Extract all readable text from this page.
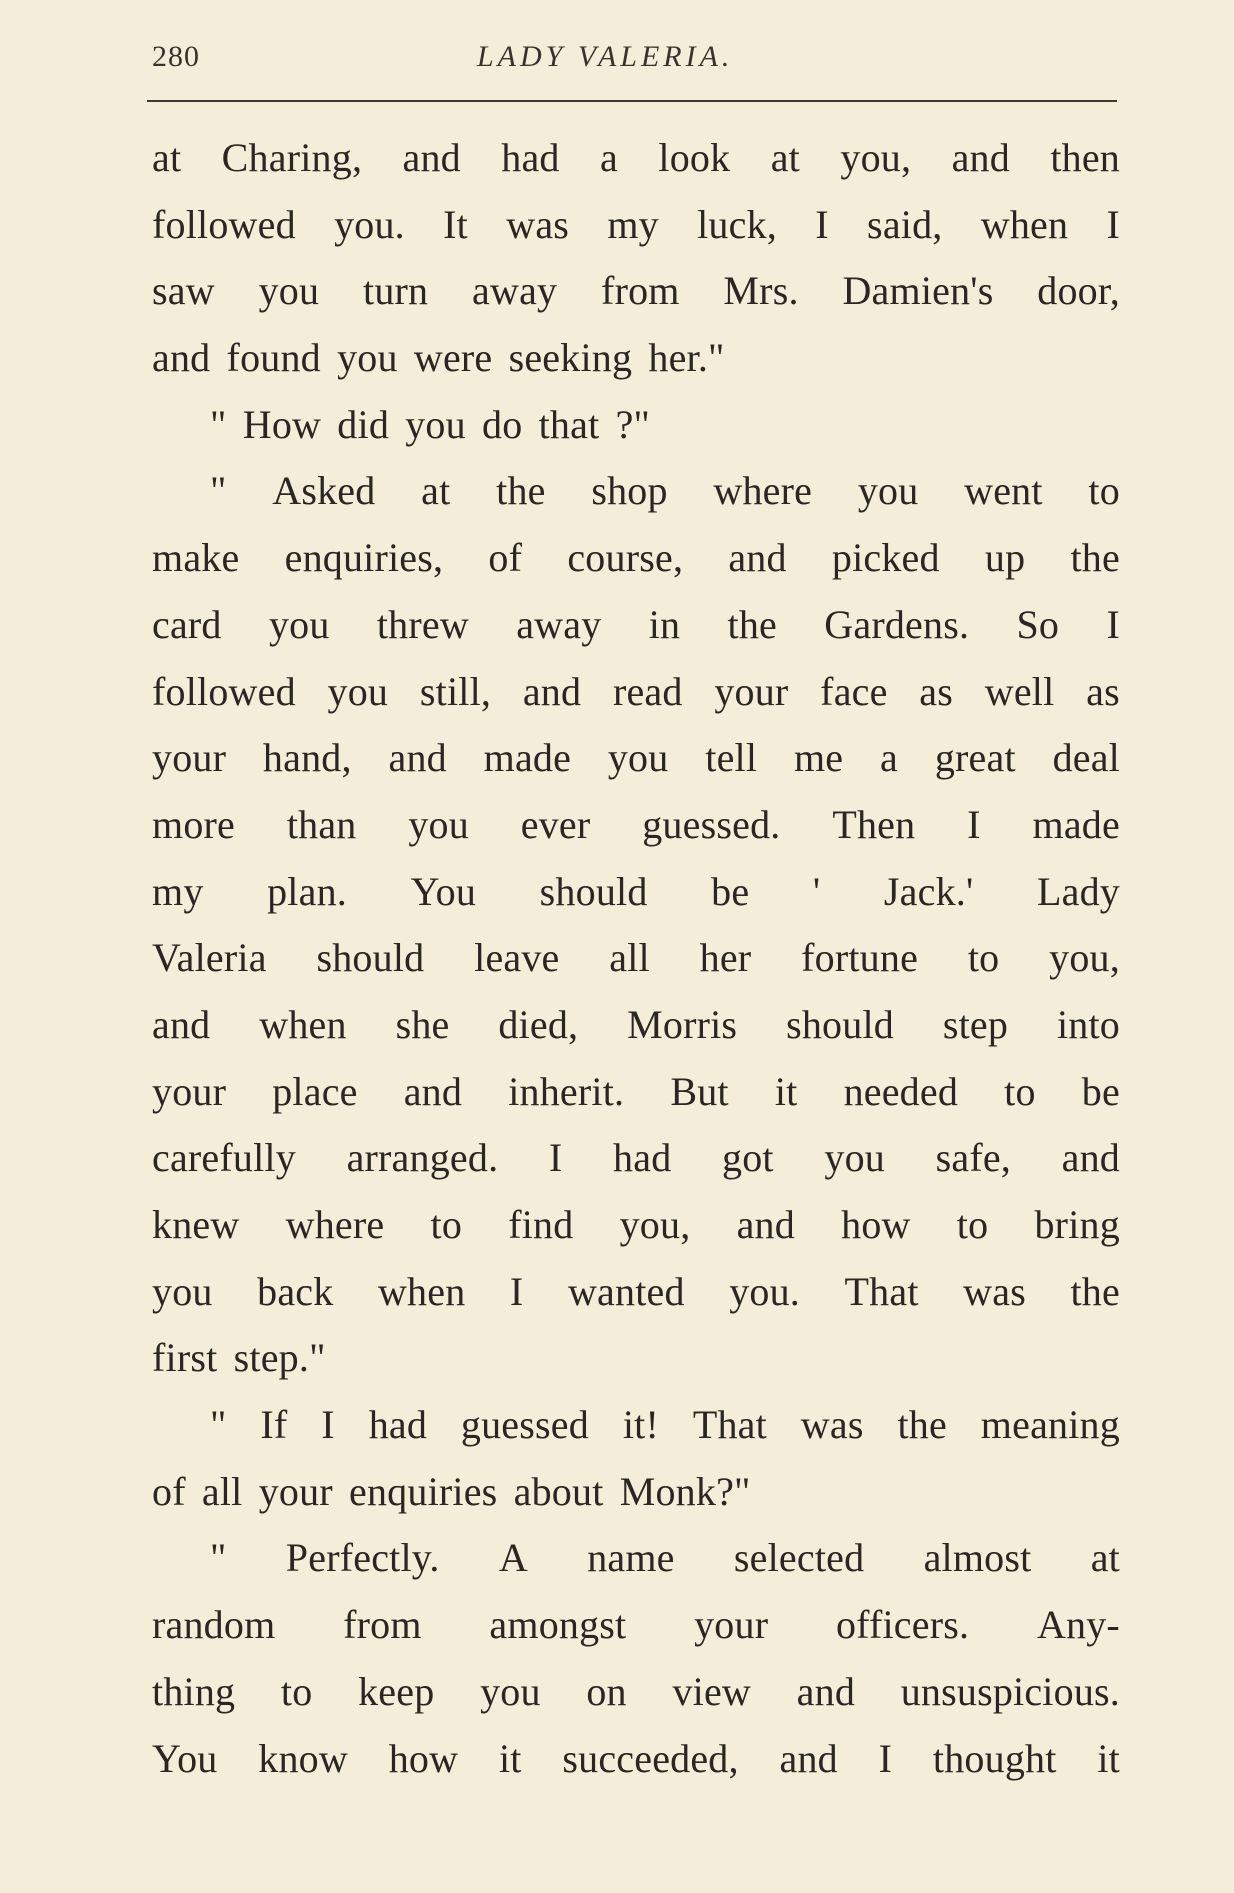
280	LADY VALERIA.
at Charing, and had a look at you, and then
followed you. It was my luck, I said, when I
saw you turn away from Mrs. Damien's door,
and found you were seeking her."
" How did you do that ?"
" Asked at the shop where you went to
make enquiries, of course, and picked up the
card you threw away in the Gardens. So I
followed you still, and read your face as well as
your hand, and made you tell me a great deal
more than you ever guessed. Then I made
my plan. You should be ' Jack.' Lady
Valeria should leave all her fortune to you,
and when she died, Morris should step into
your place and inherit. But it needed to be
carefully arranged. I had got you safe, and
knew where to find you, and how to bring
you back when I wanted you. That was the
first step."
" If I had guessed it! That was the meaning
of all your enquiries about Monk?"
" Perfectly. A name selected almost at
random from amongst your officers. Any-
thing to keep you on view and unsuspicious.
You know how it succeeded, and I thought it
